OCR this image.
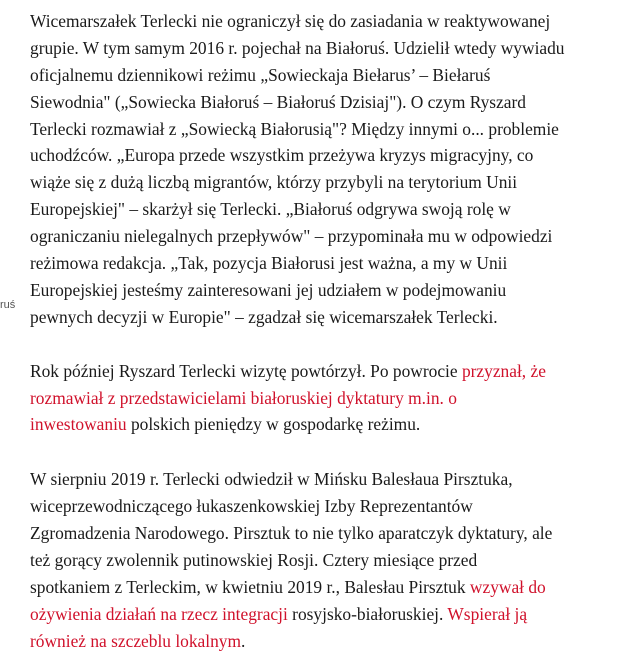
ruś

Wicemarszałek Terlecki nie ograniczył się do zasiadania w reaktywowanej
grupie. W tym samym 2016 r. pojechał na Białoruś. Udzielił wtedy wywiadu
oficjalnemu dziennikowi reżimu „Sowieckaja Biełarus’ – Biełaruś
Siewodnia" („Sowiecka Białoruś – Białoruś Dzisiaj"). O czym Ryszard
Terlecki rozmawiał z „Sowiecką Białorusią"? Między innymi o... problemie
uchodźców. „Europa przede wszystkim przeżywa kryzys migracyjny, co
wiąże się z dużą liczbą migrantów, którzy przybyli na terytorium Unii
Europejskiej" – skarżył się Terlecki. „Białoruś odgrywa swoją rolę w
ograniczaniu nielegalnych przepływów" – przypominała mu w odpowiedzi
reżimowa redakcja. „Tak, pozycja Białorusi jest ważna, a my w Unii
Europejskiej jesteśmy zainteresowani jej udziałem w podejmowaniu
pewnych decyzji w Europie" – zgadzał się wicemarszałek Terlecki.

Rok później Ryszard Terlecki wizytę powtórzył. Po powrocie przyznał, że
rozmawiał z przedstawicielami białoruskiej dyktatury m.in. o
inwestowaniu polskich pieniędzy w gospodarkę reżimu.

W sierpniu 2019 r. Terlecki odwiedził w Mińsku Balesłaua Pirsztuka,
wiceprzewodniczącego łukaszenkowskiej Izby Reprezentantów
Zgromadzenia Narodowego. Pirsztuk to nie tylko aparatczyk dyktatury, ale
też gorący zwolennik putinowskiej Rosji. Cztery miesiące przed
spotkaniem z Terleckim, w kwietniu 2019 r., Balesłau Pirsztuk wzywał do
ożywienia działań na rzecz integracji rosyjsko-białoruskiej. Wspierał ją
również na szczeblu lokalnym.
